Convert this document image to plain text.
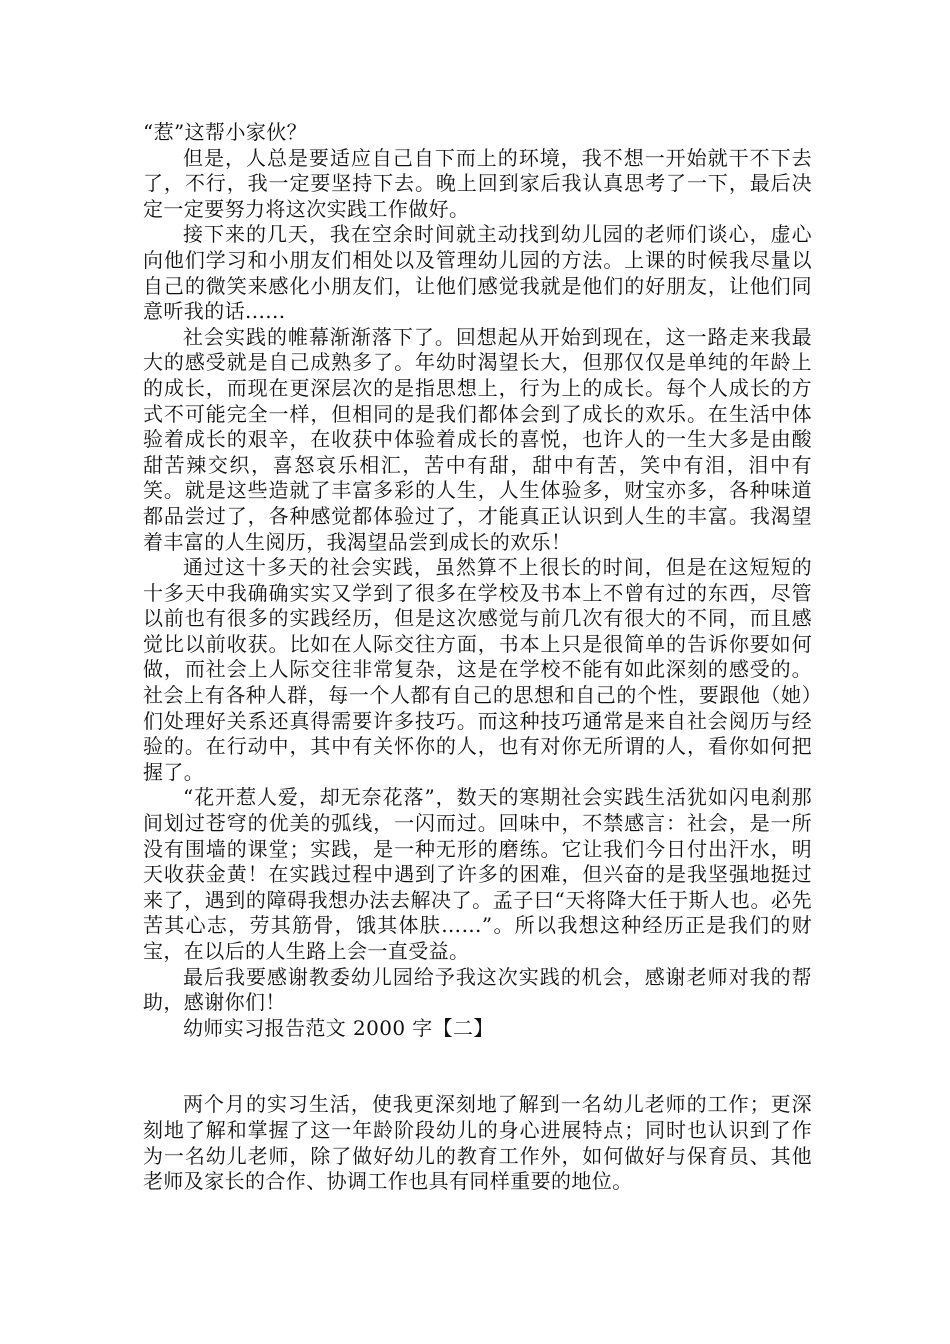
“惹”这帮小家伙？

但是，人总是要适应自己自下而上的环境，我不想一开始就干不下去了，不行，我一定要坚持下去。晚上回到家后我认真思考了一下，最后决定一定要努力将这次实践工作做好。

接下来的几天，我在空余时间就主动找到幼儿园的老师们谈心，虚心向他们学习和小朋友们相处以及管理幼儿园的方法。上课的时候我尽量以自己的微笑来感化小朋友们，让他们感觉我就是他们的好朋友，让他们同意听我的话......

社会实践的帷幕渐渐落下了。回想起从开始到现在，这一路走来我最大的感受就是自己成熟多了。年幼时渴望长大，但那仅仅是单纯的年龄上的成长，而现在更深层次的是指思想上，行为上的成长。每个人成长的方式不可能完全一样，但相同的是我们都体会到了成长的欢乐。在生活中体验着成长的艰辛，在收获中体验着成长的喜悦，也许人的一生大多是由酸甜苦辣交织，喜怒哀乐相汇，苦中有甜，甜中有苦，笑中有泪，泪中有笑。就是这些造就了丰富多彩的人生，人生体验多，财宝亦多，各种味道都品尝过了，各种感觉都体验过了，才能真正认识到人生的丰富。我渴望着丰富的人生阅历，我渴望品尝到成长的欢乐！

通过这十多天的社会实践，虽然算不上很长的时间，但是在这短短的十多天中我确确实实又学到了很多在学校及书本上不曾有过的东西，尽管以前也有很多的实践经历，但是这次感觉与前几次有很大的不同，而且感觉比以前收获。比如在人际交往方面，书本上只是很简单的告诉你要如何做，而社会上人际交往非常复杂，这是在学校不能有如此深刻的感受的。社会上有各种人群，每一个人都有自己的思想和自己的个性，要跟他（她）们处理好关系还真得需要许多技巧。而这种技巧通常是来自社会阅历与经验的。在行动中，其中有关怀你的人，也有对你无所谓的人，看你如何把握了。

“花开惹人爱，却无奈花落”，数天的寒期社会实践生活犹如闪电刹那间划过苍穹的优美的弧线，一闪而过。回味中，不禁感言：社会，是一所没有围墙的课堂；实践，是一种无形的磨练。它让我们今日付出汗水，明天收获金黄！在实践过程中遇到了许多的困难，但兴奋的是我坚强地挺过来了，遇到的障碍我想办法去解决了。孟子曰“天将降大任于斯人也。必先苦其心志，劳其筋骨，饿其体肤……”。所以我想这种经历正是我们的财宝，在以后的人生路上会一直受益。

最后我要感谢教委幼儿园给予我这次实践的机会，感谢老师对我的帮助，感谢你们！

幼师实习报告范文 2000 字【二】

两个月的实习生活，使我更深刻地了解到一名幼儿老师的工作；更深刻地了解和掌握了这一年龄阶段幼儿的身心进展特点；同时也认识到了作为一名幼儿老师，除了做好幼儿的教育工作外，如何做好与保育员、其他老师及家长的合作、协调工作也具有同样重要的地位。
